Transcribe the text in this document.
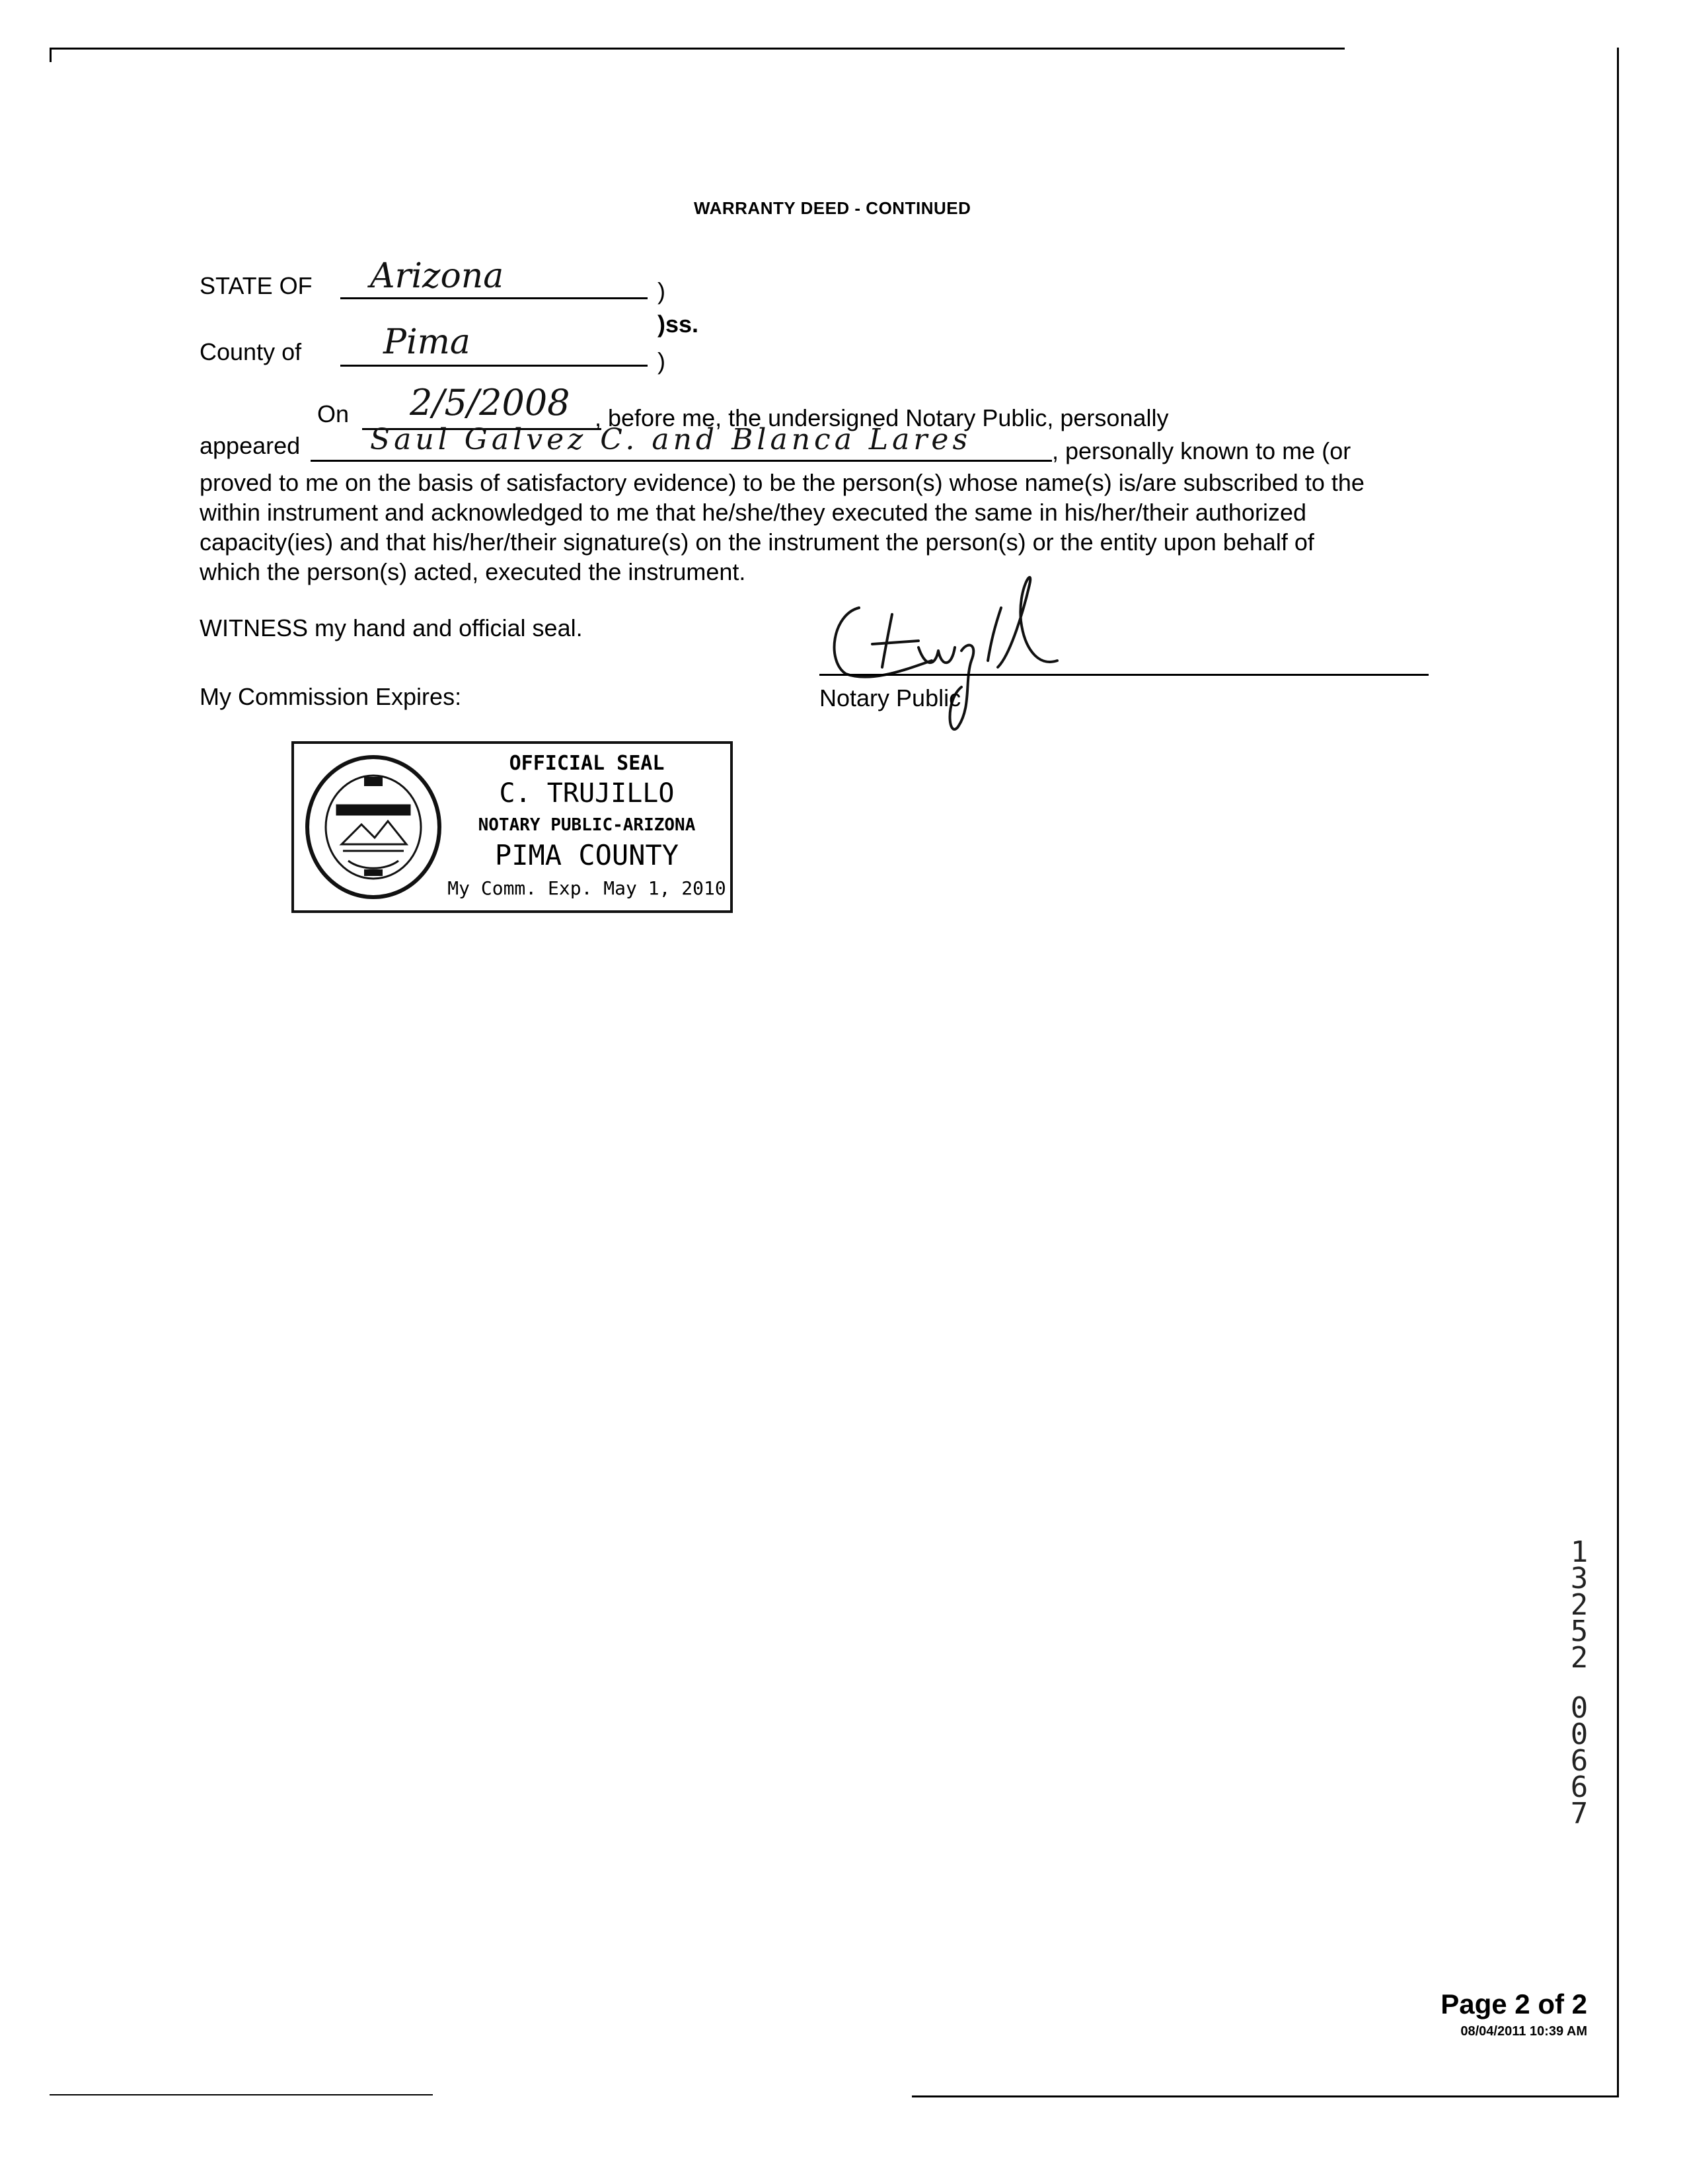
WARRANTY DEED - CONTINUED
STATE OF Arizona	)
)ss.
County of Pima	)
On 2/5/2008 , before me, the undersigned Notary Public, personally
appeared Saul Galvez C. and Blanca Lares	, personally known to me (or
proved to me on the basis of satisfactory evidence) to be the person(s) whose name(s) is/are subscribed to the
within instrument and acknowledged to me that he/she/they executed the same in his/her/their authorized
capacity(ies) and that his/her/their signature(s) on the instrument the person(s) or the entity upon behalf of
which the person(s) acted, executed the instrument.
WITNESS my hand and official seal.
My Commission Expires:	Notary Public
OFFICIAL SEAL
C. TRUJILLO
NOTARY PUBLIC-ARIZONA
PIMA COUNTY
My Comm. Exp. May 1, 2010
1
3
2
5
2
0
0
6
6
7
Page 2 of 2
08/04/2011 10:39 AM
